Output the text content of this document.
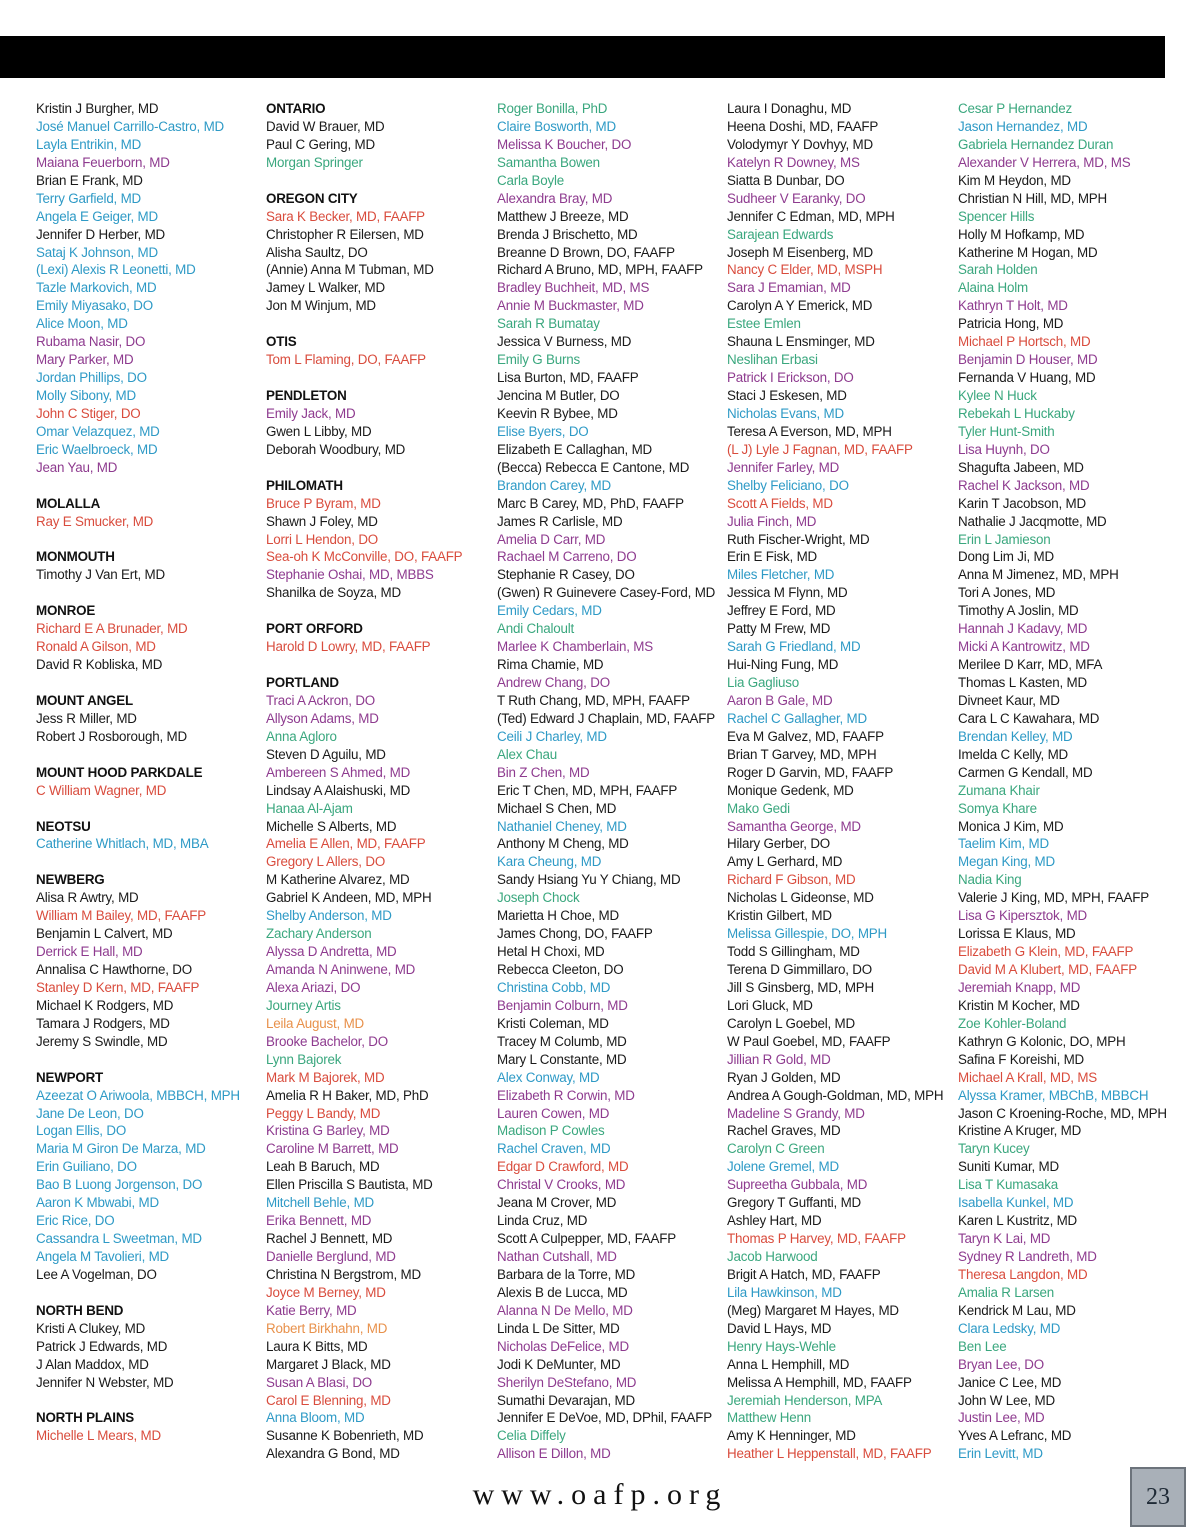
Kristin J Burgher, MD
José Manuel Carrillo-Castro, MD
Layla Entrikin, MD
Maiana Feuerborn, MD
Brian E Frank, MD
Terry Garfield, MD
Angela E Geiger, MD
Jennifer D Herber, MD
Sataj K Johnson, MD
(Lexi) Alexis R Leonetti, MD
Tazle Markovich, MD
Emily Miyasako, DO
Alice Moon, MD
Rubama Nasir, DO
Mary Parker, MD
Jordan Phillips, DO
Molly Sibony, MD
John C Stiger, DO
Omar Velazquez, MD
Eric Waelbroeck, MD
Jean Yau, MD
MOLALLA
Ray E Smucker, MD
MONMOUTH
Timothy J Van Ert, MD
MONROE
Richard E A Brunader, MD
Ronald A Gilson, MD
David R Kobliska, MD
MOUNT ANGEL
Jess R Miller, MD
Robert J Rosborough, MD
MOUNT HOOD PARKDALE
C William Wagner, MD
NEOTSU
Catherine Whitlach, MD, MBA
NEWBERG
Alisa R Awtry, MD
William M Bailey, MD, FAAFP
Benjamin L Calvert, MD
Derrick E Hall, MD
Annalisa C Hawthorne, DO
Stanley D Kern, MD, FAAFP
Michael K Rodgers, MD
Tamara J Rodgers, MD
Jeremy S Swindle, MD
NEWPORT
Azeezat O Ariwoola, MBBCH, MPH
Jane De Leon, DO
Logan Ellis, DO
Maria M Giron De Marza, MD
Erin Guiliano, DO
Bao B Luong Jorgenson, DO
Aaron K Mbwabi, MD
Eric Rice, DO
Cassandra L Sweetman, MD
Angela M Tavolieri, MD
Lee A Vogelman, DO
NORTH BEND
Kristi A Clukey, MD
Patrick J Edwards, MD
J Alan Maddox, MD
Jennifer N Webster, MD
NORTH PLAINS
Michelle L Mears, MD
ONTARIO
David W Brauer, MD
Paul C Gering, MD
Morgan Springer
OREGON CITY
Sara K Becker, MD, FAAFP
Christopher R Eilersen, MD
Alisha Saultz, DO
(Annie) Anna M Tubman, MD
Jamey L Walker, MD
Jon M Winjum, MD
OTIS
Tom L Flaming, DO, FAAFP
PENDLETON
Emily Jack, MD
Gwen L Libby, MD
Deborah Woodbury, MD
PHILOMATH
Bruce P Byram, MD
Shawn J Foley, MD
Lorri L Hendon, DO
Sea-oh K McConville, DO, FAAFP
Stephanie Oshai, MD, MBBS
Shanilka de Soyza, MD
PORT ORFORD
Harold D Lowry, MD, FAAFP
PORTLAND
Traci A Ackron, DO
Allyson Adams, MD
Anna Agloro
Steven D Aguilu, MD
Ambereen S Ahmed, MD
Lindsay A Alaishuski, MD
Hanaa Al-Ajam
Michelle S Alberts, MD
Amelia E Allen, MD, FAAFP
Gregory L Allers, DO
M Katherine Alvarez, MD
Gabriel K Andeen, MD, MPH
Shelby Anderson, MD
Zachary Anderson
Alyssa D Andretta, MD
Amanda N Aninwene, MD
Alexa Ariazi, DO
Journey Artis
Leila August, MD
Brooke Bachelor, DO
Lynn Bajorek
Mark M Bajorek, MD
Amelia R H Baker, MD, PhD
Peggy L Bandy, MD
Kristina G Barley, MD
Caroline M Barrett, MD
Leah B Baruch, MD
Ellen Priscilla S Bautista, MD
Mitchell Behle, MD
Erika Bennett, MD
Rachel J Bennett, MD
Danielle Berglund, MD
Christina N Bergstrom, MD
Joyce M Berney, MD
Katie Berry, MD
Robert Birkhahn, MD
Laura K Bitts, MD
Margaret J Black, MD
Susan A Blasi, DO
Carol E Blenning, MD
Anna Bloom, MD
Susanne K Bobenrieth, MD
Alexandra G Bond, MD
Roger Bonilla, PhD
Claire Bosworth, MD
Melissa K Boucher, DO
Samantha Bowen
Carla Boyle
Alexandra Bray, MD
Matthew J Breeze, MD
Brenda J Brischetto, MD
Breanne D Brown, DO, FAAFP
Richard A Bruno, MD, MPH, FAAFP
Bradley Buchheit, MD, MS
Annie M Buckmaster, MD
Sarah R Bumatay
Jessica V Burness, MD
Emily G Burns
Lisa Burton, MD, FAAFP
Jencina M Butler, DO
Keevin R Bybee, MD
Elise Byers, DO
Elizabeth E Callaghan, MD
(Becca) Rebecca E Cantone, MD
Brandon Carey, MD
Marc B Carey, MD, PhD, FAAFP
James R Carlisle, MD
Amelia D Carr, MD
Rachael M Carreno, DO
Stephanie R Casey, DO
(Gwen) R Guinevere Casey-Ford, MD
Emily Cedars, MD
Andi Chaloult
Marlee K Chamberlain, MS
Rima Chamie, MD
Andrew Chang, DO
T Ruth Chang, MD, MPH, FAAFP
(Ted) Edward J Chaplain, MD, FAAFP
Ceili J Charley, MD
Alex Chau
Bin Z Chen, MD
Eric T Chen, MD, MPH, FAAFP
Michael S Chen, MD
Nathaniel Cheney, MD
Anthony M Cheng, MD
Kara Cheung, MD
Sandy Hsiang Yu Y Chiang, MD
Joseph Chock
Marietta H Choe, MD
James Chong, DO, FAAFP
Hetal H Choxi, MD
Rebecca Cleeton, DO
Christina Cobb, MD
Benjamin Colburn, MD
Kristi Coleman, MD
Tracey M Columb, MD
Mary L Constante, MD
Alex Conway, MD
Elizabeth R Corwin, MD
Lauren Cowen, MD
Madison P Cowles
Rachel Craven, MD
Edgar D Crawford, MD
Christal V Crooks, MD
Jeana M Crover, MD
Linda Cruz, MD
Scott A Culpepper, MD, FAAFP
Nathan Cutshall, MD
Barbara de la Torre, MD
Alexis B de Lucca, MD
Alanna N De Mello, MD
Linda L De Sitter, MD
Nicholas DeFelice, MD
Jodi K DeMunter, MD
Sherilyn DeStefano, MD
Sumathi Devarajan, MD
Jennifer E DeVoe, MD, DPhil, FAAFP
Celia Diffely
Allison E Dillon, MD
Laura I Donaghu, MD
Heena Doshi, MD, FAAFP
Volodymyr Y Dovhyy, MD
Katelyn R Downey, MS
Siatta B Dunbar, DO
Sudheer V Earanky, DO
Jennifer C Edman, MD, MPH
Sarajean Edwards
Joseph M Eisenberg, MD
Nancy C Elder, MD, MSPH
Sara J Emamian, MD
Carolyn A Y Emerick, MD
Estee Emlen
Shauna L Ensminger, MD
Neslihan Erbasi
Patrick I Erickson, DO
Staci J Eskesen, MD
Nicholas Evans, MD
Teresa A Everson, MD, MPH
(L J) Lyle J Fagnan, MD, FAAFP
Jennifer Farley, MD
Shelby Feliciano, DO
Scott A Fields, MD
Julia Finch, MD
Ruth Fischer-Wright, MD
Erin E Fisk, MD
Miles Fletcher, MD
Jessica M Flynn, MD
Jeffrey E Ford, MD
Patty M Frew, MD
Sarah G Friedland, MD
Hui-Ning Fung, MD
Lia Gagliuso
Aaron B Gale, MD
Rachel C Gallagher, MD
Eva M Galvez, MD, FAAFP
Brian T Garvey, MD, MPH
Roger D Garvin, MD, FAAFP
Monique Gedenk, MD
Mako Gedi
Samantha George, MD
Hilary Gerber, DO
Amy L Gerhard, MD
Richard F Gibson, MD
Nicholas L Gideonse, MD
Kristin Gilbert, MD
Melissa Gillespie, DO, MPH
Todd S Gillingham, MD
Terena D Gimmillaro, DO
Jill S Ginsberg, MD, MPH
Lori Gluck, MD
Carolyn L Goebel, MD
W Paul Goebel, MD, FAAFP
Jillian R Gold, MD
Ryan J Golden, MD
Andrea A Gough-Goldman, MD, MPH
Madeline S Grandy, MD
Rachel Graves, MD
Carolyn C Green
Jolene Gremel, MD
Supreetha Gubbala, MD
Gregory T Guffanti, MD
Ashley Hart, MD
Thomas P Harvey, MD, FAAFP
Jacob Harwood
Brigit A Hatch, MD, FAAFP
Lila Hawkinson, MD
(Meg) Margaret M Hayes, MD
David L Hays, MD
Henry Hays-Wehle
Anna L Hemphill, MD
Melissa A Hemphill, MD, FAAFP
Jeremiah Henderson, MPA
Matthew Henn
Amy K Henninger, MD
Heather L Heppenstall, MD, FAAFP
Cesar P Hernandez
Jason Hernandez, MD
Gabriela Hernandez Duran
Alexander V Herrera, MD, MS
Kim M Heydon, MD
Christian N Hill, MD, MPH
Spencer Hills
Holly M Hofkamp, MD
Katherine M Hogan, MD
Sarah Holden
Alaina Holm
Kathryn T Holt, MD
Patricia Hong, MD
Michael P Hortsch, MD
Benjamin D Houser, MD
Fernanda V Huang, MD
Kylee N Huck
Rebekah L Huckaby
Tyler Hunt-Smith
Lisa Huynh, DO
Shagufta Jabeen, MD
Rachel K Jackson, MD
Karin T Jacobson, MD
Nathalie J Jacqmotte, MD
Erin L Jamieson
Dong Lim Ji, MD
Anna M Jimenez, MD, MPH
Tori A Jones, MD
Timothy A Joslin, MD
Hannah J Kadavy, MD
Micki A Kantrowitz, MD
Merilee D Karr, MD, MFA
Thomas L Kasten, MD
Divneet Kaur, MD
Cara L C Kawahara, MD
Brendan Kelley, MD
Imelda C Kelly, MD
Carmen G Kendall, MD
Zumana Khair
Somya Khare
Monica J Kim, MD
Taelim Kim, MD
Megan King, MD
Nadia King
Valerie J King, MD, MPH, FAAFP
Lisa G Kipersztok, MD
Lorissa E Klaus, MD
Elizabeth G Klein, MD, FAAFP
David M A Klubert, MD, FAAFP
Jeremiah Knapp, MD
Kristin M Kocher, MD
Zoe Kohler-Boland
Kathryn G Kolonic, DO, MPH
Safina F Koreishi, MD
Michael A Krall, MD, MS
Alyssa Kramer, MBChB, MBBCH
Jason C Kroening-Roche, MD, MPH
Kristine A Kruger, MD
Taryn Kucey
Suniti Kumar, MD
Lisa T Kumasaka
Isabella Kunkel, MD
Karen L Kustritz, MD
Taryn K Lai, MD
Sydney R Landreth, MD
Theresa Langdon, MD
Amalia R Larsen
Kendrick M Lau, MD
Clara Ledsky, MD
Ben Lee
Bryan Lee, DO
Janice C Lee, MD
John W Lee, MD
Justin Lee, MD
Yves A Lefranc, MD
Erin Levitt, MD
www.oafp.org	23
